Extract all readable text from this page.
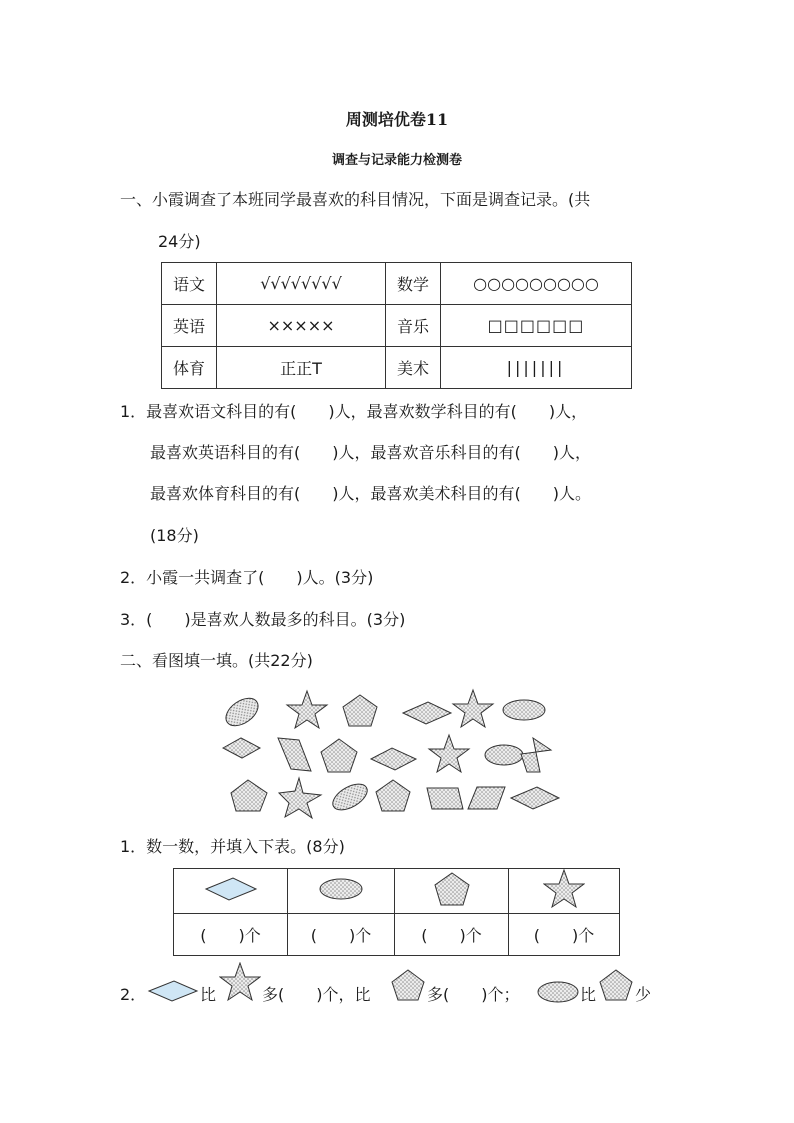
周测培优卷11
调查与记录能力检测卷
一、小霞调查了本班同学最喜欢的科目情况，下面是调查记录。(共
24分)
语文	√√√√√√√√	数学	○○○○○○○○○
英语	×××××	音乐	□□□□□□
体育	正正T	美术	|||||||
1．最喜欢语文科目的有(　　)人，最喜欢数学科目的有(　　)人，
最喜欢英语科目的有(　　)人，最喜欢音乐科目的有(　　)人，
最喜欢体育科目的有(　　)人，最喜欢美术科目的有(　　)人。
(18分)
2．小霞一共调查了(　　)人。(3分)
3．(　　)是喜欢人数最多的科目。(3分)
二、看图填一填。(共22分)
1．数一数，并填入下表。(8分)

(　　)个	(　　)个	(　　)个	(　　)个
2．	比	多(　　)个，比	多(　　)个；	比 少
